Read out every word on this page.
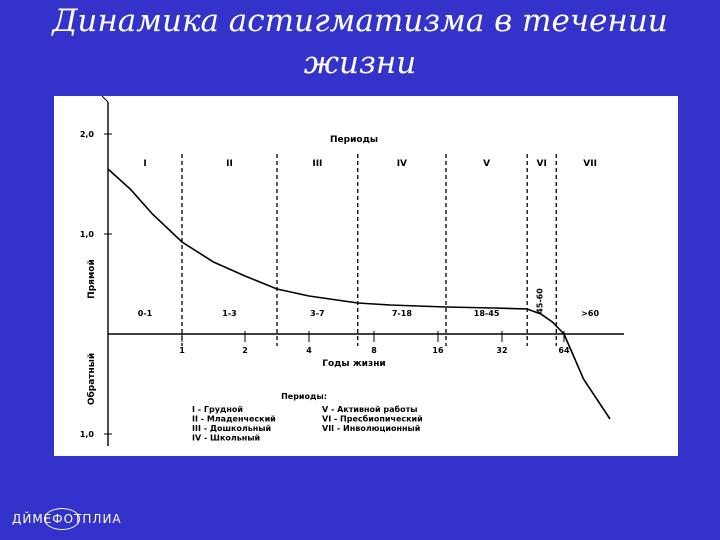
Динамика астигматизма в течении
жизни
2,0
1,0
1,0
Прямой
Обратный
Периоды
I
0-1
II
1-3
III
3-7
IV
7-18
V
18-45
VI
45-60
VII
>60
1	2	4	8	16	32	64
Годы жизни
Периоды:
I - Грудной
II - Младенческий
III - Дошкольный
IV - Школьный
V - Активной работы
VI - Пресбиопический
VII - Инволюционный
ДЙМЕФОТПЛИА
